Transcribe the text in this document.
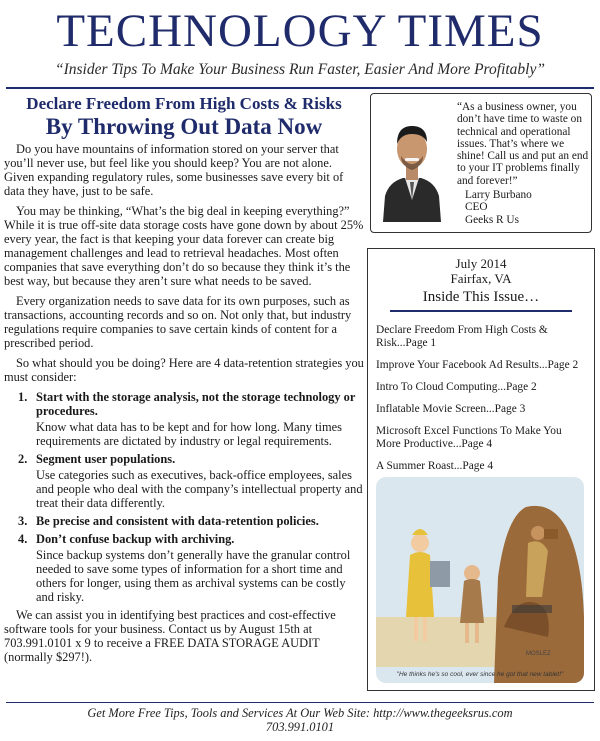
TECHNOLOGY TIMES
“Insider Tips To Make Your Business Run Faster, Easier And More Profitably”
Declare Freedom From High Costs & Risks
By Throwing Out Data Now

Do you have mountains of information stored on your server that you’ll never use, but feel like you should keep? You are not alone. Given expanding regulatory rules, some businesses save every bit of data they have, just to be safe.

You may be thinking, “What’s the big deal in keeping everything?” While it is true off-site data storage costs have gone down by about 25% every year, the fact is that keeping your data forever can create big management challenges and lead to retrieval headaches. Most often companies that save everything don’t do so because they think it’s the best way, but because they aren’t sure what needs to be saved.

Every organization needs to save data for its own purposes, such as transactions, accounting records and so on. Not only that, but industry regulations require companies to save certain kinds of content for a prescribed period.

So what should you be doing? Here are 4 data-retention strategies you must consider:

1. Start with the storage analysis, not the storage technology or procedures.
Know what data has to be kept and for how long. Many times requirements are dictated by industry or legal requirements.
2. Segment user populations.
Use categories such as executives, back-office employees, sales and people who deal with the company’s intellectual property and treat their data differently.
3. Be precise and consistent with data-retention policies.
4. Don’t confuse backup with archiving.
Since backup systems don’t generally have the granular control needed to save some types of information for a short time and others for longer, using them as archival systems can be costly and risky.

We can assist you in identifying best practices and cost-effective software tools for your business. Contact us by August 15th at 703.991.0101 x 9 to receive a FREE DATA STORAGE AUDIT (normally $297!).

“As a business owner, you don’t have time to waste on technical and operational issues. That’s where we shine! Call us and put an end to your IT problems finally and forever!”
Larry Burbano
CEO
Geeks R Us
July 2014
Fairfax, VA
Inside This Issue…
Declare Freedom From High Costs & Risk...Page 1
Improve Your Facebook Ad Results...Page 2
Intro To Cloud Computing...Page 2
Inflatable Movie Screen...Page 3
Microsoft Excel Functions To Make You More Productive...Page 4
A Summer Roast...Page 4
"He thinks he's so cool, ever since he got that new tablet!"
MOSLEZ
Get More Free Tips, Tools and Services At Our Web Site: http://www.thegeeksrus.com
703.991.0101
